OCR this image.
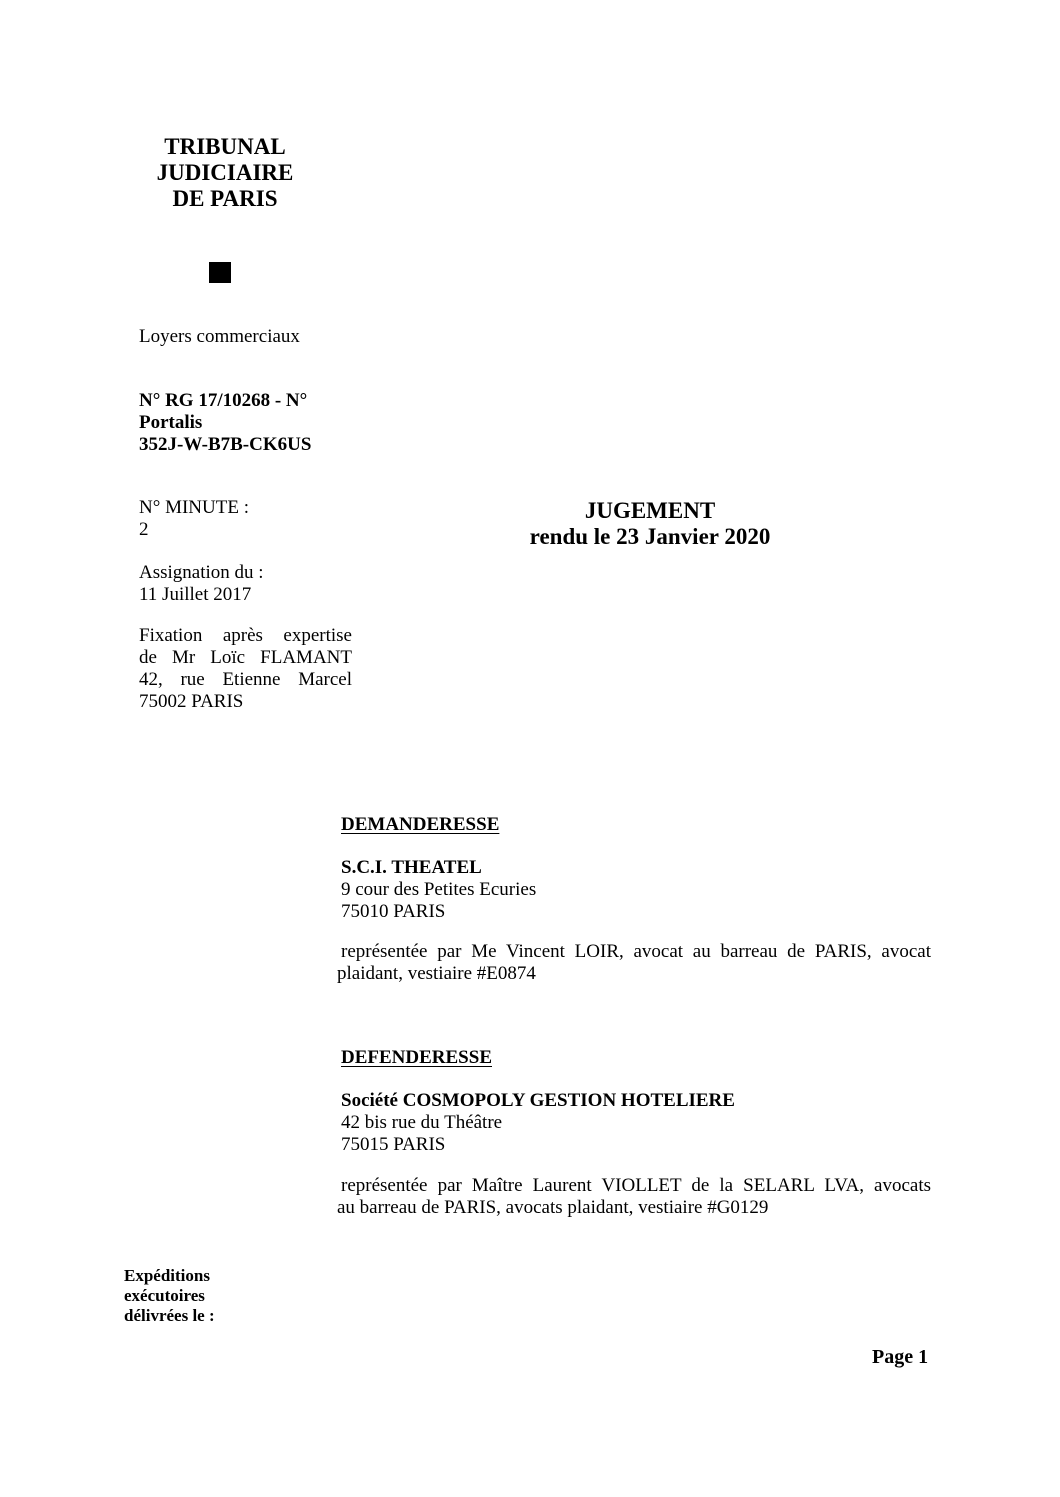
TRIBUNAL
JUDICIAIRE
DE PARIS
Loyers commerciaux
N° RG 17/10268 - N°
Portalis
352J-W-B7B-CK6US
N° MINUTE :
2
Assignation du :
11 Juillet 2017
Fixation après expertise
de Mr Loïc FLAMANT
42, rue Etienne Marcel
75002 PARIS
JUGEMENT
rendu le 23 Janvier 2020
DEMANDERESSE
S.C.I. THEATEL
9 cour des Petites Ecuries
75010 PARIS
représentée par Me Vincent LOIR, avocat au barreau de PARIS, avocat
plaidant, vestiaire #E0874
DEFENDERESSE
Société COSMOPOLY GESTION HOTELIERE
42 bis rue du Théâtre
75015 PARIS
représentée par Maître Laurent VIOLLET de la SELARL LVA, avocats
au barreau de PARIS, avocats plaidant, vestiaire #G0129
Expéditions
exécutoires
délivrées le :
Page 1
